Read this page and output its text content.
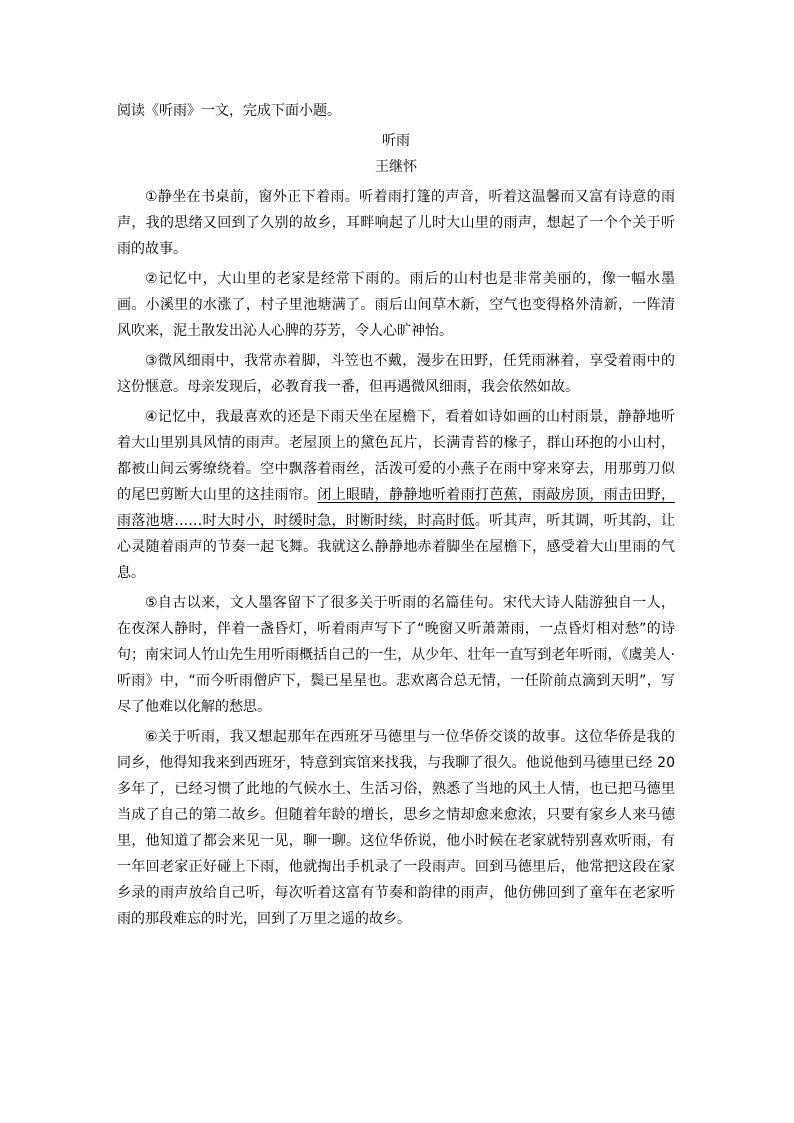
阅读《听雨》一文，完成下面小题。
听雨
王继怀

①静坐在书桌前，窗外正下着雨。听着雨打篷的声音，听着这温馨而又富有诗意的雨声，我的思绪又回到了久别的故乡，耳畔响起了儿时大山里的雨声，想起了一个个关于听雨的故事。

②记忆中，大山里的老家是经常下雨的。雨后的山村也是非常美丽的，像一幅水墨画。小溪里的水涨了，村子里池塘满了。雨后山间草木新，空气也变得格外清新，一阵清风吹来，泥土散发出沁人心脾的芬芳，令人心旷神怡。

③微风细雨中，我常赤着脚，斗笠也不戴，漫步在田野，任凭雨淋着，享受着雨中的这份惬意。母亲发现后，必教育我一番，但再遇微风细雨，我会依然如故。

④记忆中，我最喜欢的还是下雨天坐在屋檐下，看着如诗如画的山村雨景，静静地听着大山里别具风情的雨声。老屋顶上的黛色瓦片，长满青苔的椽子，群山环抱的小山村，都被山间云雾缭绕着。空中飘落着雨丝，活泼可爱的小燕子在雨中穿来穿去，用那剪刀似的尾巴剪断大山里的这挂雨帘。闭上眼睛，静静地听着雨打芭蕉，雨敲房顶，雨击田野，雨落池塘……时大时小，时缓时急，时断时续，时高时低。听其声，听其调，听其韵，让心灵随着雨声的节奏一起飞舞。我就这么静静地赤着脚坐在屋檐下，感受着大山里雨的气息。

⑤自古以来，文人墨客留下了很多关于听雨的名篇佳句。宋代大诗人陆游独自一人，在夜深人静时，伴着一盏昏灯，听着雨声写下了“晚窗又听萧萧雨，一点昏灯相对愁”的诗句；南宋词人竹山先生用听雨概括自己的一生，从少年、壮年一直写到老年听雨，《虞美人·听雨》中，“而今听雨僧庐下，鬓已星星也。悲欢离合总无情，一任阶前点滴到天明”，写尽了他难以化解的愁思。

⑥关于听雨，我又想起那年在西班牙马德里与一位华侨交谈的故事。这位华侨是我的同乡，他得知我来到西班牙，特意到宾馆来找我，与我聊了很久。他说他到马德里已经 20 多年了，已经习惯了此地的气候水土、生活习俗，熟悉了当地的风土人情，也已把马德里当成了自己的第二故乡。但随着年龄的增长，思乡之情却愈来愈浓，只要有家乡人来马德里，他知道了都会来见一见，聊一聊。这位华侨说，他小时候在老家就特别喜欢听雨，有一年回老家正好碰上下雨，他就掏出手机录了一段雨声。回到马德里后，他常把这段在家乡录的雨声放给自己听，每次听着这富有节奏和韵律的雨声，他仿佛回到了童年在老家听雨的那段难忘的时光，回到了万里之遥的故乡。
